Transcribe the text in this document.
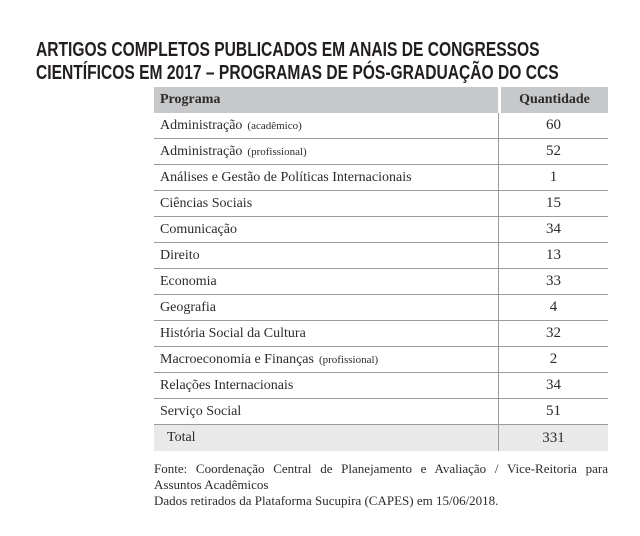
ARTIGOS COMPLETOS PUBLICADOS EM ANAIS DE CONGRESSOS
CIENTÍFICOS EM 2017 – PROGRAMAS DE PÓS-GRADUAÇÃO DO CCS
Programa	Quantidade
Administração (acadêmico)	60
Administração (profissional)	52
Análises e Gestão de Políticas Internacionais	1
Ciências Sociais	15
Comunicação	34
Direito	13
Economia	33
Geografia	4
História Social da Cultura	32
Macroeconomia e Finanças (profissional)	2
Relações Internacionais	34
Serviço Social	51
Total	331

Fonte: Coordenação Central de Planejamento e Avaliação / Vice-Reitoria para Assuntos Acadêmicos

Dados retirados da Plataforma Sucupira (CAPES) em 15/06/2018.
